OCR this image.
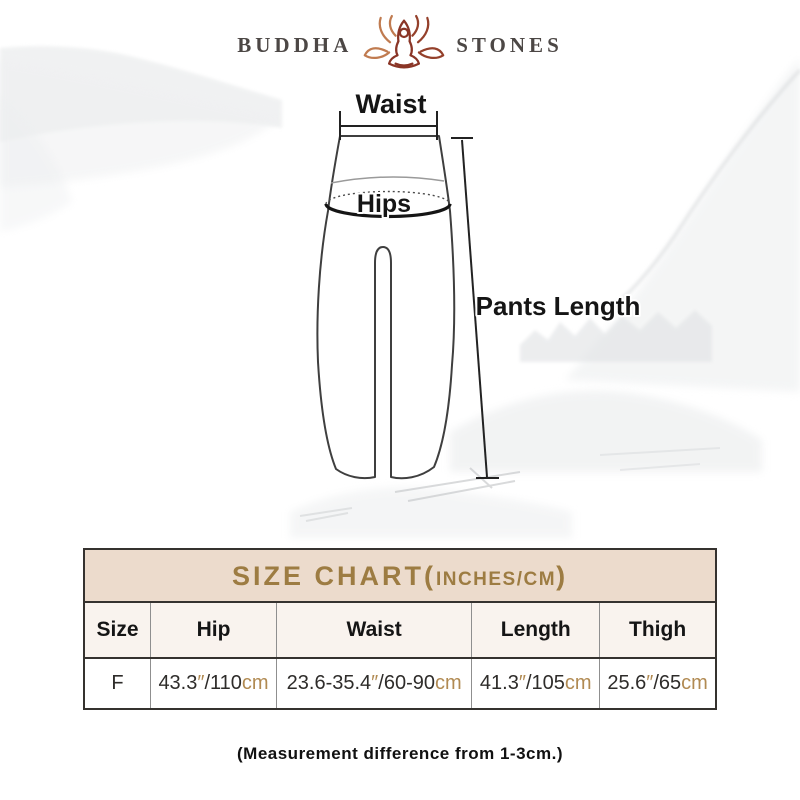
Waist
Hips
Pants Length
BUDDHA	STONES
SIZE CHART( INCHES/CM )
Size	Hip	Waist	Length	Thigh
F	43.3″/110cm	23.6-35.4″/60-90cm	41.3″/105cm	25.6″/65cm
(Measurement difference from 1-3cm.)
